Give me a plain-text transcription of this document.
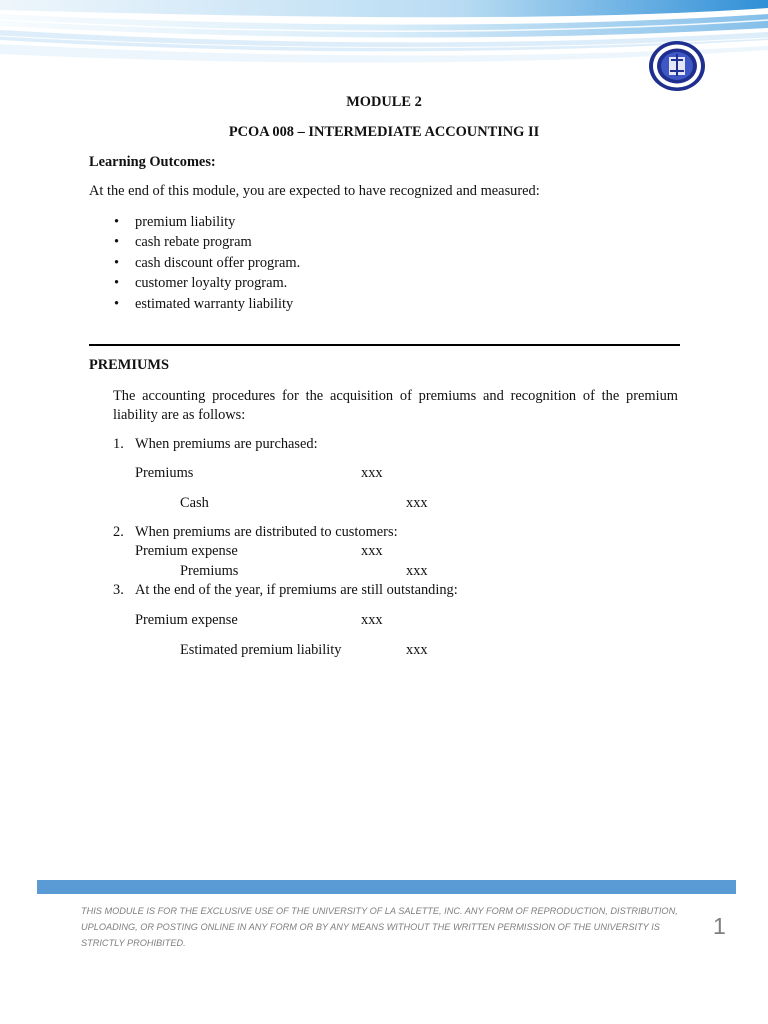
MODULE 2
PCOA 008 – INTERMEDIATE ACCOUNTING II
Learning Outcomes:
At the end of this module, you are expected to have recognized and measured:
• premium liability
• cash rebate program
• cash discount offer program.
• customer loyalty program.
• estimated warranty liability
PREMIUMS
The accounting procedures for the acquisition of premiums and recognition of the premium liability are as follows:
1. When premiums are purchased:
Premiums	xxx
Cash	xxx
2. When premiums are distributed to customers:
Premium expense	xxx
Premiums	xxx
3. At the end of the year, if premiums are still outstanding:
Premium expense	xxx
Estimated premium liability	xxx
THIS MODULE IS FOR THE EXCLUSIVE USE OF THE UNIVERSITY OF LA SALETTE, INC. ANY FORM OF REPRODUCTION, DISTRIBUTION, UPLOADING, OR POSTING ONLINE IN ANY FORM OR BY ANY MEANS WITHOUT THE WRITTEN PERMISSION OF THE UNIVERSITY IS STRICTLY PROHIBITED.
1
